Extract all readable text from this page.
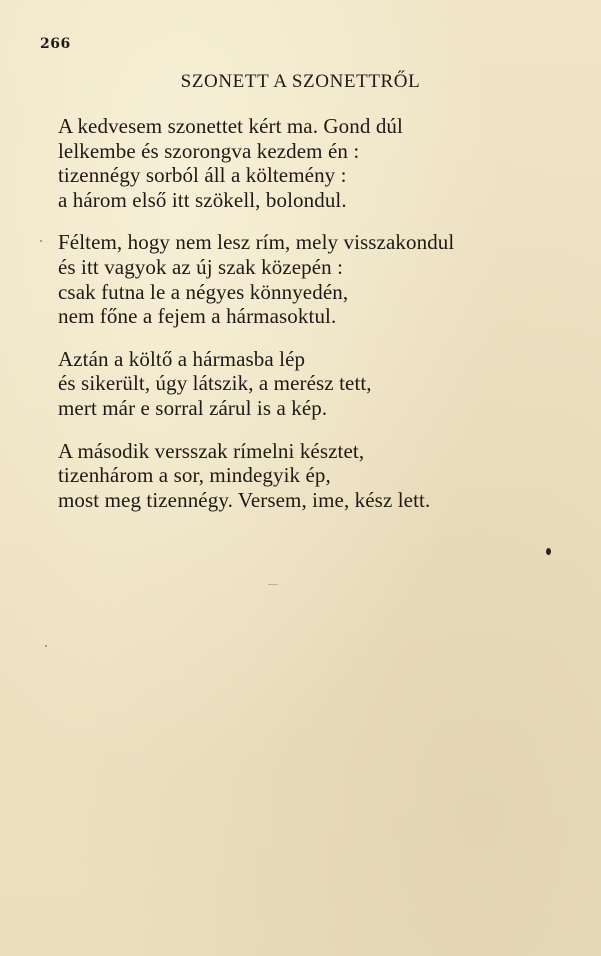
266
SZONETT A SZONETTRŐL
A kedvesem szonettet kért ma. Gond dúl
lelkembe és szorongva kezdem én :
tizennégy sorból áll a költemény :
a három első itt szökell, bolondul.
Féltem, hogy nem lesz rím, mely visszakondul
és itt vagyok az új szak közepén :
csak futna le a négyes könnyedén,
nem főne a fejem a hármasoktul.
Aztán a költő a hármasba lép
és sikerült, úgy látszik, a merész tett,
mert már e sorral zárul is a kép.
A második versszak rímelni késztet,
tizenhárom a sor, mindegyik ép,
most meg tizennégy. Versem, ime, kész lett.
